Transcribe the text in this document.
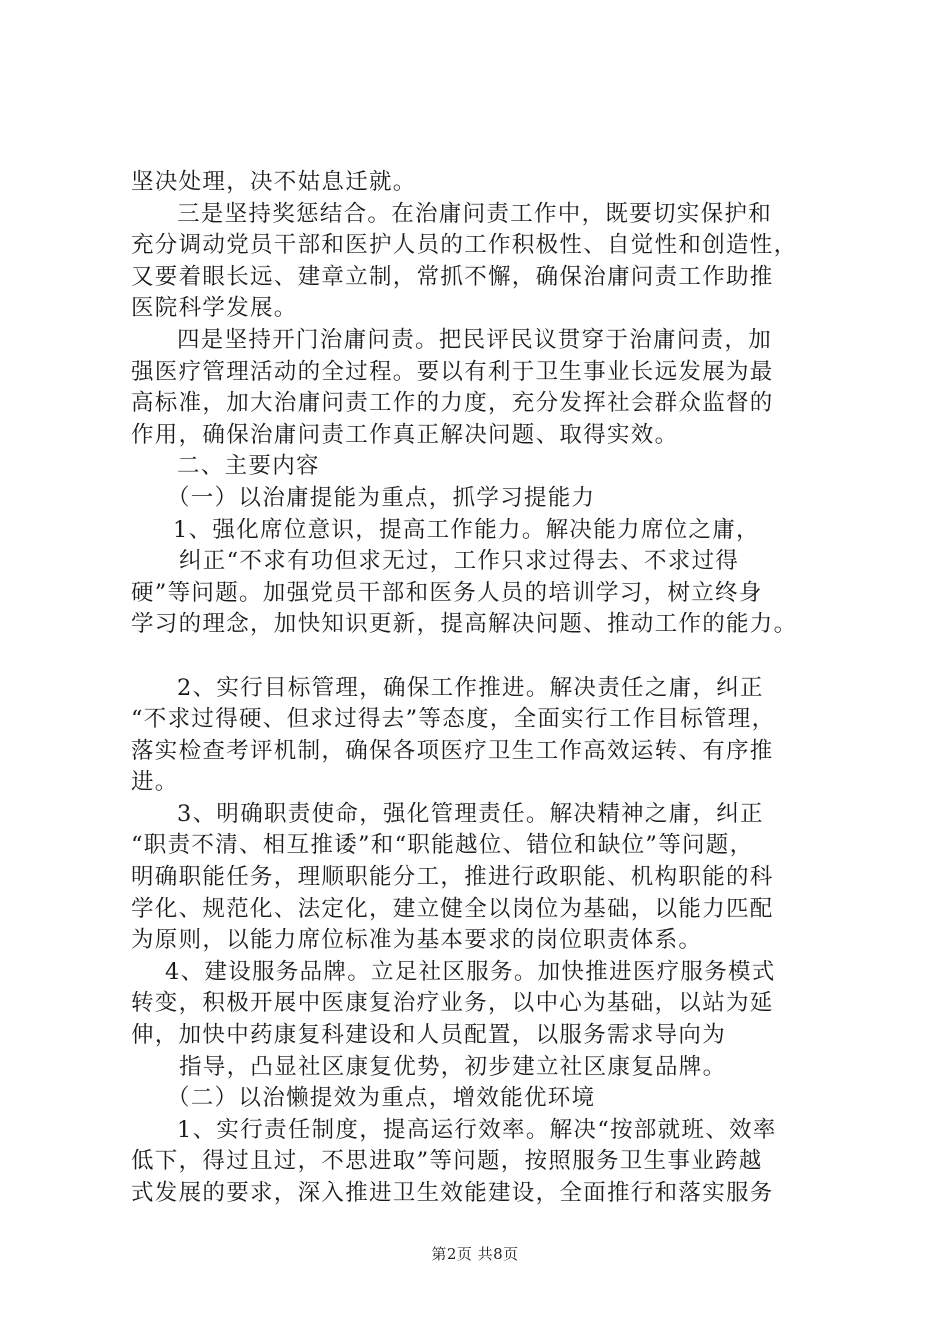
坚决处理，决不姑息迁就。

三是坚持奖惩结合。在治庸问责工作中，既要切实保护和

充分调动党员干部和医护人员的工作积极性、自觉性和创造性，

又要着眼长远、建章立制，常抓不懈，确保治庸问责工作助推

医院科学发展。

四是坚持开门治庸问责。把民评民议贯穿于治庸问责，加

强医疗管理活动的全过程。要以有利于卫生事业长远发展为最

高标准，加大治庸问责工作的力度，充分发挥社会群众监督的

作用，确保治庸问责工作真正解决问题、取得实效。

二、主要内容

（一）以治庸提能为重点，抓学习提能力

1、强化席位意识，提高工作能力。解决能力席位之庸，

纠正“不求有功但求无过，工作只求过得去、不求过得

硬”等问题。加强党员干部和医务人员的培训学习，树立终身

学习的理念，加快知识更新，提高解决问题、推动工作的能力。

2、实行目标管理，确保工作推进。解决责任之庸，纠正

“不求过得硬、但求过得去”等态度，全面实行工作目标管理，

落实检查考评机制，确保各项医疗卫生工作高效运转、有序推

进。

3、明确职责使命，强化管理责任。解决精神之庸，纠正

“职责不清、相互推诿”和“职能越位、错位和缺位”等问题，

明确职能任务，理顺职能分工，推进行政职能、机构职能的科

学化、规范化、法定化，建立健全以岗位为基础，以能力匹配

为原则，以能力席位标准为基本要求的岗位职责体系。

4、建设服务品牌。立足社区服务。加快推进医疗服务模式

转变，积极开展中医康复治疗业务，以中心为基础，以站为延

伸，加快中药康复科建设和人员配置，以服务需求导向为

指导，凸显社区康复优势，初步建立社区康复品牌。

（二）以治懒提效为重点，增效能优环境

1、实行责任制度，提高运行效率。解决“按部就班、效率

低下，得过且过，不思进取”等问题，按照服务卫生事业跨越

式发展的要求，深入推进卫生效能建设，全面推行和落实服务

第2页 共8页
